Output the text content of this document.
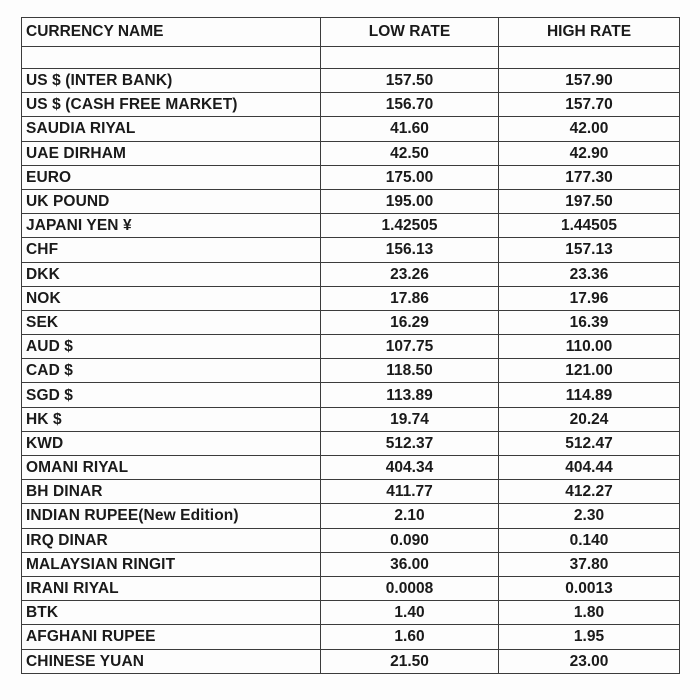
CURRENCY NAME	LOW RATE	HIGH RATE

US $ (INTER BANK)	157.50	157.90
US $ (CASH FREE MARKET)	156.70	157.70
SAUDIA RIYAL	41.60	42.00
UAE DIRHAM	42.50	42.90
EURO	175.00	177.30
UK POUND	195.00	197.50
JAPANI YEN ¥	1.42505	1.44505
CHF	156.13	157.13
DKK	23.26	23.36
NOK	17.86	17.96
SEK	16.29	16.39
AUD $	107.75	110.00
CAD $	118.50	121.00
SGD $	113.89	114.89
HK $	19.74	20.24
KWD	512.37	512.47
OMANI RIYAL	404.34	404.44
BH DINAR	411.77	412.27
INDIAN RUPEE(New Edition)	2.10	2.30
IRQ DINAR	0.090	0.140
MALAYSIAN RINGIT	36.00	37.80
IRANI RIYAL	0.0008	0.0013
BTK	1.40	1.80
AFGHANI RUPEE	1.60	1.95
CHINESE YUAN	21.50	23.00
